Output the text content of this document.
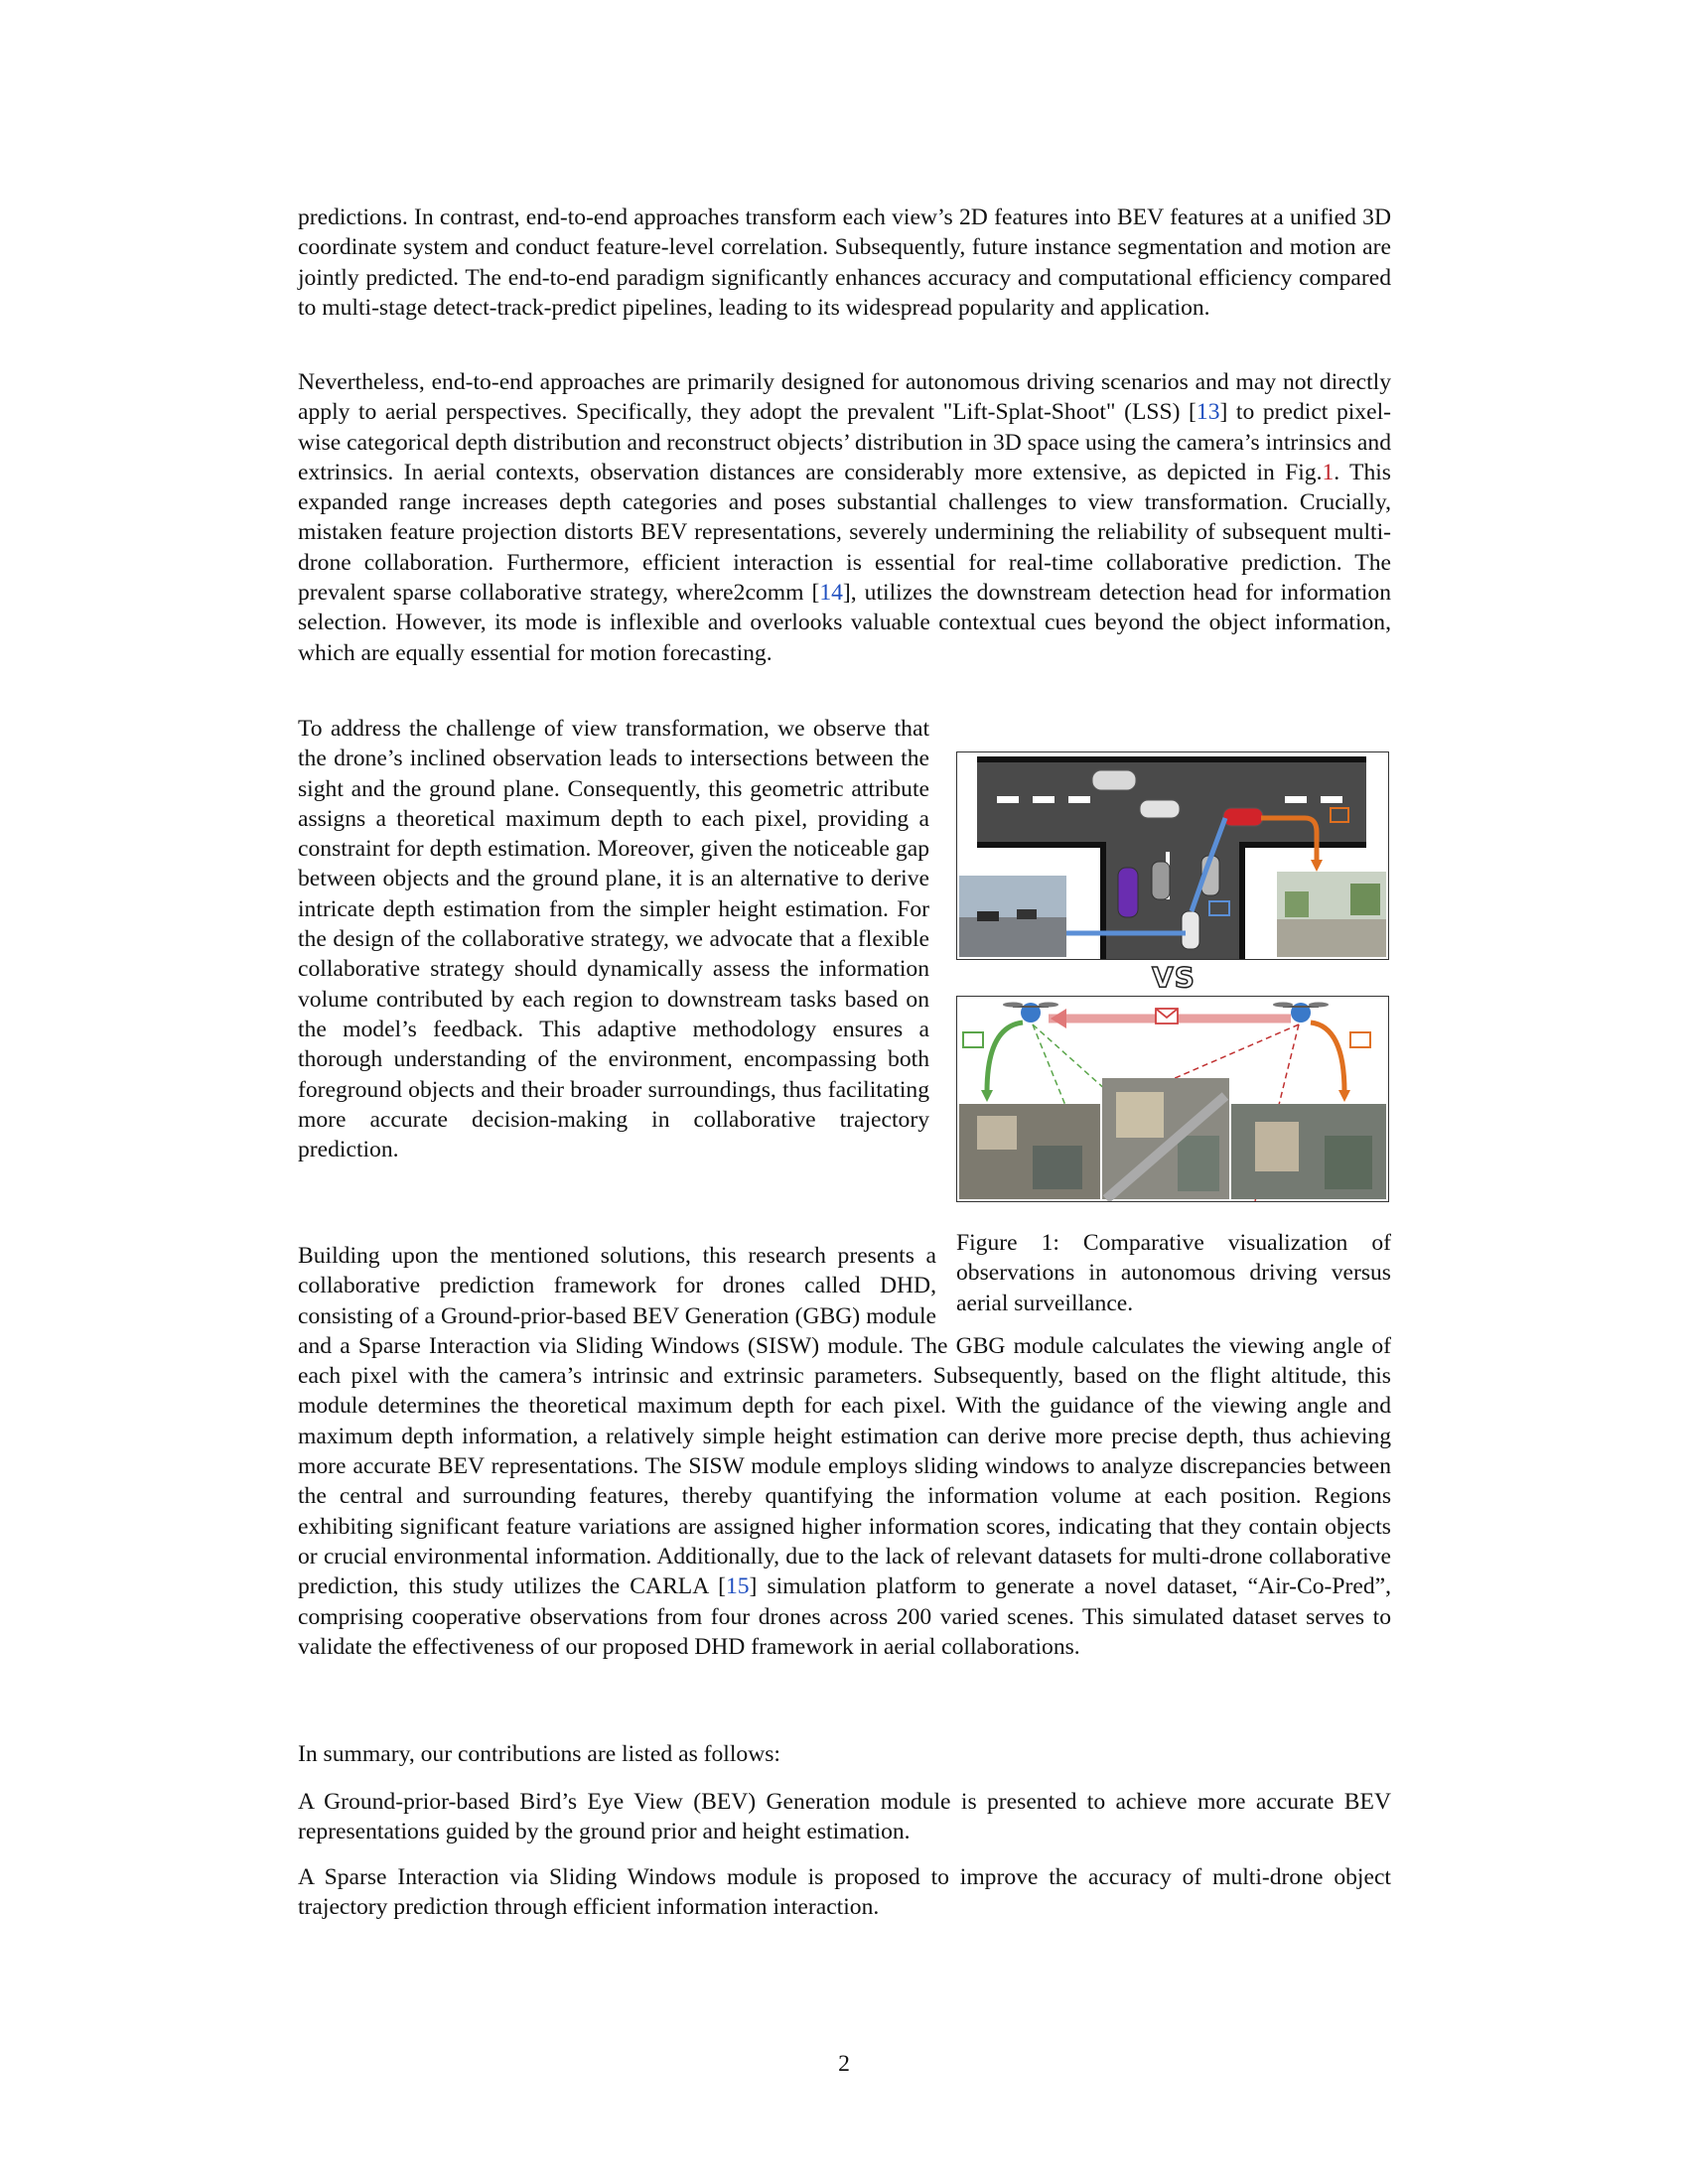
predictions. In contrast, end-to-end approaches transform each view’s 2D features into BEV features at a unified 3D coordinate system and conduct feature-level correlation. Subsequently, future instance segmentation and motion are jointly predicted. The end-to-end paradigm significantly enhances accuracy and computational efficiency compared to multi-stage detect-track-predict pipelines, leading to its widespread popularity and application.

Nevertheless, end-to-end approaches are primarily designed for autonomous driving scenarios and may not directly apply to aerial perspectives. Specifically, they adopt the prevalent "Lift-Splat-Shoot" (LSS) [13] to predict pixel-wise categorical depth distribution and reconstruct objects’ distribution in 3D space using the camera’s intrinsics and extrinsics. In aerial contexts, observation distances are considerably more extensive, as depicted in Fig.1. This expanded range increases depth categories and poses substantial challenges to view transformation. Crucially, mistaken feature projection distorts BEV representations, severely undermining the reliability of subsequent multi-drone collaboration. Furthermore, efficient interaction is essential for real-time collaborative prediction. The prevalent sparse collaborative strategy, where2comm [14], utilizes the downstream detection head for information selection. However, its mode is inflexible and overlooks valuable contextual cues beyond the object information, which are equally essential for motion forecasting.

To address the challenge of view transformation, we observe that the drone’s inclined observation leads to intersections between the sight and the ground plane. Consequently, this geometric attribute assigns a theoretical maximum depth to each pixel, providing a constraint for depth estimation. Moreover, given the noticeable gap between objects and the ground plane, it is an alternative to derive intricate depth estimation from the simpler height estimation. For the design of the collaborative strategy, we advocate that a flexible collaborative strategy should dynamically assess the information volume contributed by each region to downstream tasks based on the model’s feedback. This adaptive methodology ensures a thorough understanding of the environment, encompassing both foreground objects and their broader surroundings, thus facilitating more accurate decision-making in collaborative trajectory prediction.

Building upon the mentioned solutions, this research presents a collaborative prediction framework for drones called DHD, consisting of a Ground-prior-based BEV Generation (GBG) module and a Sparse Interaction via Sliding Windows (SISW) module. The GBG module calculates the viewing angle of each pixel with the camera’s intrinsic and extrinsic parameters. Subsequently, based on the flight altitude, this module determines the theoretical maximum depth for each pixel. With the guidance of the viewing angle and maximum depth information, a relatively simple height estimation can derive more precise depth, thus achieving more accurate BEV representations. The SISW module employs sliding windows to analyze discrepancies between the central and surrounding features, thereby quantifying the information volume at each position. Regions exhibiting significant feature variations are assigned higher information scores, indicating that they contain objects or crucial environmental information. Additionally, due to the lack of relevant datasets for multi-drone collaborative prediction, this study utilizes the CARLA [15] simulation platform to generate a novel dataset, “Air-Co-Pred”, comprising cooperative observations from four drones across 200 varied scenes. This simulated dataset serves to validate the effectiveness of our proposed DHD framework in aerial collaborations.

In summary, our contributions are listed as follows:

A Ground-prior-based Bird’s Eye View (BEV) Generation module is presented to achieve more accurate BEV representations guided by the ground prior and height estimation.

A Sparse Interaction via Sliding Windows module is proposed to improve the accuracy of multi-drone object trajectory prediction through efficient information interaction.

VS
Figure 1: Comparative visualization of observations in autonomous driving versus aerial surveillance.
2
